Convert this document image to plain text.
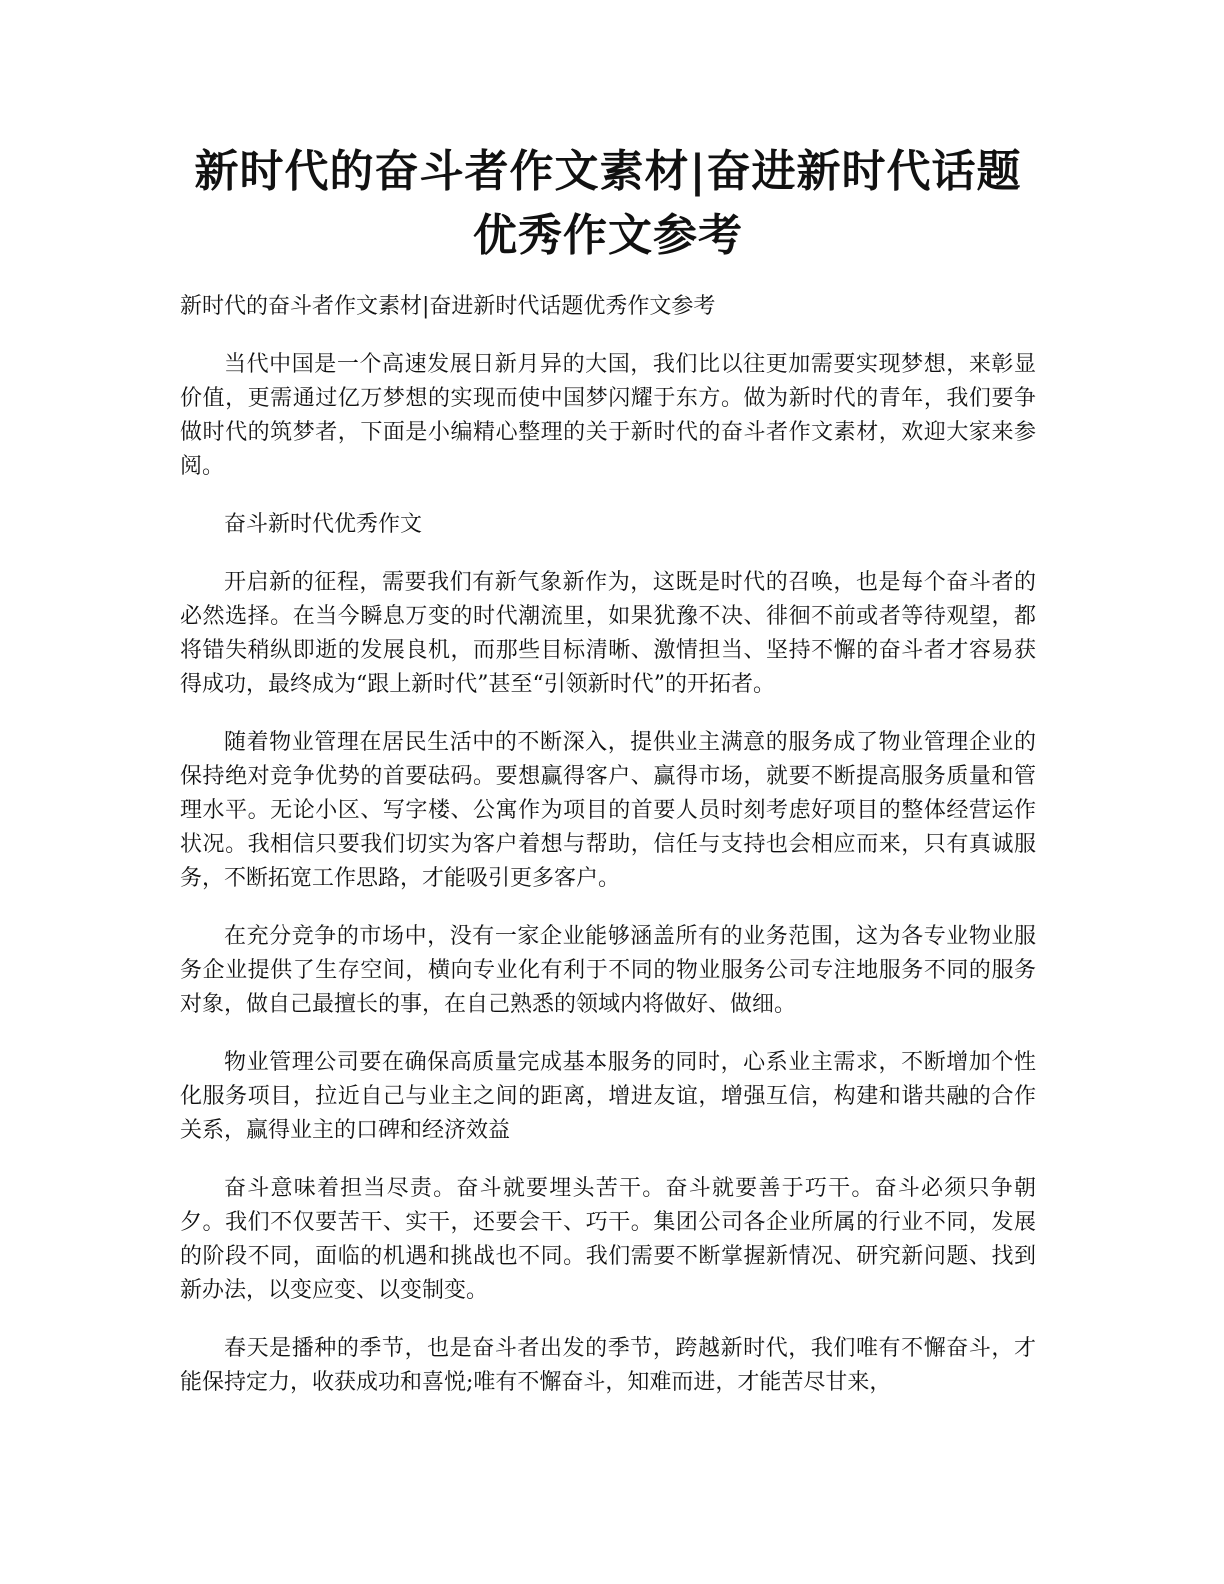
新时代的奋斗者作文素材|奋进新时代话题优秀作文参考

新时代的奋斗者作文素材|奋进新时代话题优秀作文参考

当代中国是一个高速发展日新月异的大国，我们比以往更加需要实现梦想，来彰显价值，更需通过亿万梦想的实现而使中国梦闪耀于东方。做为新时代的青年，我们要争做时代的筑梦者，下面是小编精心整理的关于新时代的奋斗者作文素材，欢迎大家来参阅。

奋斗新时代优秀作文

开启新的征程，需要我们有新气象新作为，这既是时代的召唤，也是每个奋斗者的必然选择。在当今瞬息万变的时代潮流里，如果犹豫不决、徘徊不前或者等待观望，都将错失稍纵即逝的发展良机，而那些目标清晰、激情担当、坚持不懈的奋斗者才容易获得成功，最终成为“跟上新时代”甚至“引领新时代”的开拓者。

随着物业管理在居民生活中的不断深入，提供业主满意的服务成了物业管理企业的保持绝对竞争优势的首要砝码。要想赢得客户、赢得市场，就要不断提高服务质量和管理水平。无论小区、写字楼、公寓作为项目的首要人员时刻考虑好项目的整体经营运作状况。我相信只要我们切实为客户着想与帮助，信任与支持也会相应而来，只有真诚服务，不断拓宽工作思路，才能吸引更多客户。

在充分竞争的市场中，没有一家企业能够涵盖所有的业务范围，这为各专业物业服务企业提供了生存空间，横向专业化有利于不同的物业服务公司专注地服务不同的服务对象，做自己最擅长的事，在自己熟悉的领域内将做好、做细。

物业管理公司要在确保高质量完成基本服务的同时，心系业主需求，不断增加个性化服务项目，拉近自己与业主之间的距离，增进友谊，增强互信，构建和谐共融的合作关系，赢得业主的口碑和经济效益

奋斗意味着担当尽责。奋斗就要埋头苦干。奋斗就要善于巧干。奋斗必须只争朝夕。我们不仅要苦干、实干，还要会干、巧干。集团公司各企业所属的行业不同，发展的阶段不同，面临的机遇和挑战也不同。我们需要不断掌握新情况、研究新问题、找到新办法，以变应变、以变制变。

春天是播种的季节，也是奋斗者出发的季节，跨越新时代，我们唯有不懈奋斗，才能保持定力，收获成功和喜悦;唯有不懈奋斗，知难而进，才能苦尽甘来，
